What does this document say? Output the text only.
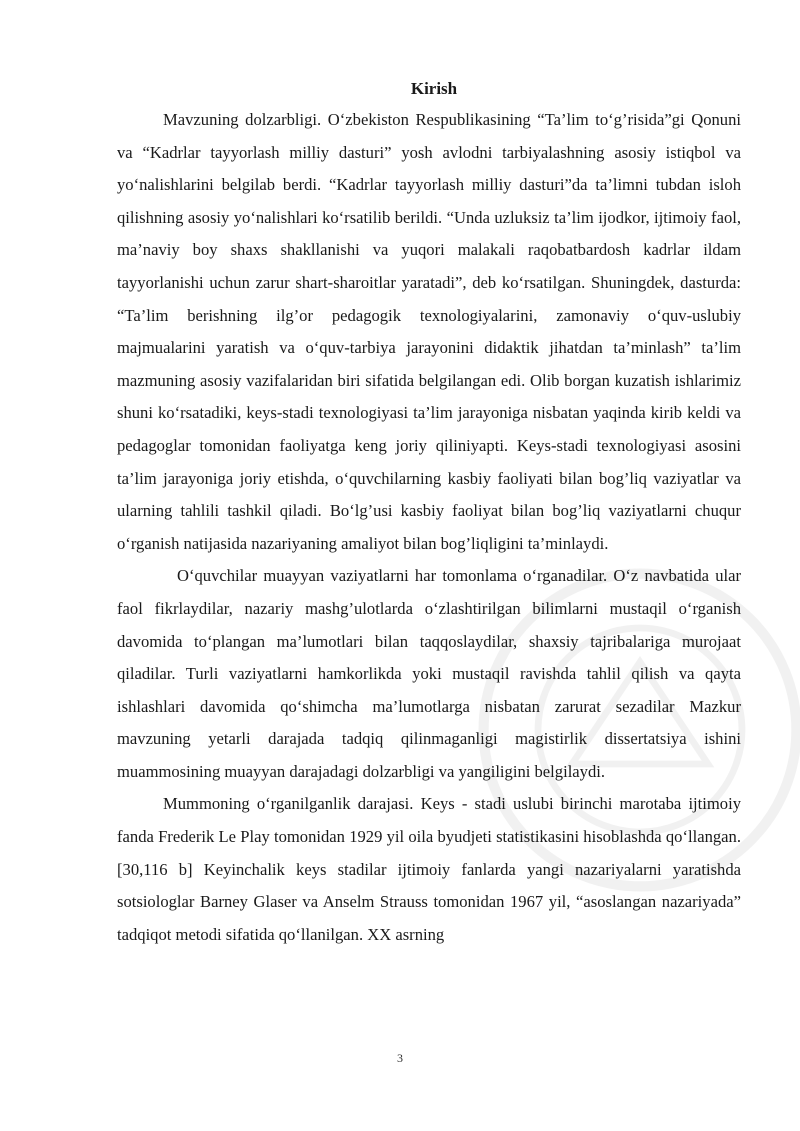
Kirish

Mavzuning dolzarbligi. O‘zbekiston Respublikasining “Ta’lim to‘g’risida”gi Qonuni va “Kadrlar tayyorlash milliy dasturi” yosh avlodni tarbiyalashning asosiy istiqbol va yo‘nalishlarini belgilab berdi. “Kadrlar tayyorlash milliy dasturi”da ta’limni tubdan isloh qilishning asosiy yo‘nalishlari ko‘rsatilib berildi. “Unda uzluksiz ta’lim ijodkor, ijtimoiy faol, ma’naviy boy shaxs shakllanishi va yuqori malakali raqobatbardosh kadrlar ildam tayyorlanishi uchun zarur shart-sharoitlar yaratadi”, deb ko‘rsatilgan. Shuningdek, dasturda: “Ta’lim berishning ilg’or pedagogik texnologiyalarini, zamonaviy o‘quv-uslubiy majmualarini yaratish va o‘quv-tarbiya jarayonini didaktik jihatdan ta’minlash” ta’lim mazmuning asosiy vazifalaridan biri sifatida belgilangan edi. Olib borgan kuzatish ishlarimiz shuni ko‘rsatadiki, keys-stadi texnologiyasi ta’lim jarayoniga nisbatan yaqinda kirib keldi va pedagoglar tomonidan faoliyatga keng joriy qiliniyapti. Keys-stadi texnologiyasi asosini ta’lim jarayoniga joriy etishda, o‘quvchilarning kasbiy faoliyati bilan bog’liq vaziyatlar va ularning tahlili tashkil qiladi. Bo‘lg’usi kasbiy faoliyat bilan bog’liq vaziyatlarni chuqur o‘rganish natijasida nazariyaning amaliyot bilan bog’liqligini ta’minlaydi.

O‘quvchilar muayyan vaziyatlarni har tomonlama o‘rganadilar. O‘z navbatida ular faol fikrlaydilar, nazariy mashg’ulotlarda o‘zlashtirilgan bilimlarni mustaqil o‘rganish davomida to‘plangan ma’lumotlari bilan taqqoslaydilar, shaxsiy tajribalariga murojaat qiladilar. Turli vaziyatlarni hamkorlikda yoki mustaqil ravishda tahlil qilish va qayta ishlashlari davomida qo‘shimcha ma’lumotlarga nisbatan zarurat sezadilar Mazkur mavzuning yetarli darajada tadqiq qilinmaganligi magistirlik dissertatsiya ishini muammosining muayyan darajadagi dolzarbligi va yangiligini belgilaydi.

Mummoning o‘rganilganlik darajasi. Keys - stadi uslubi birinchi marotaba ijtimoiy fanda Frederik Le Play tomonidan 1929 yil oila byudjeti statistikasini hisoblashda qo‘llangan.[30,116 b] Keyinchalik keys stadilar ijtimoiy fanlarda yangi nazariyalarni yaratishda sotsiologlar Barney Glaser va Anselm Strauss tomonidan 1967 yil, “asoslangan nazariyada” tadqiqot metodi sifatida qo‘llanilgan. XX asrning

3
